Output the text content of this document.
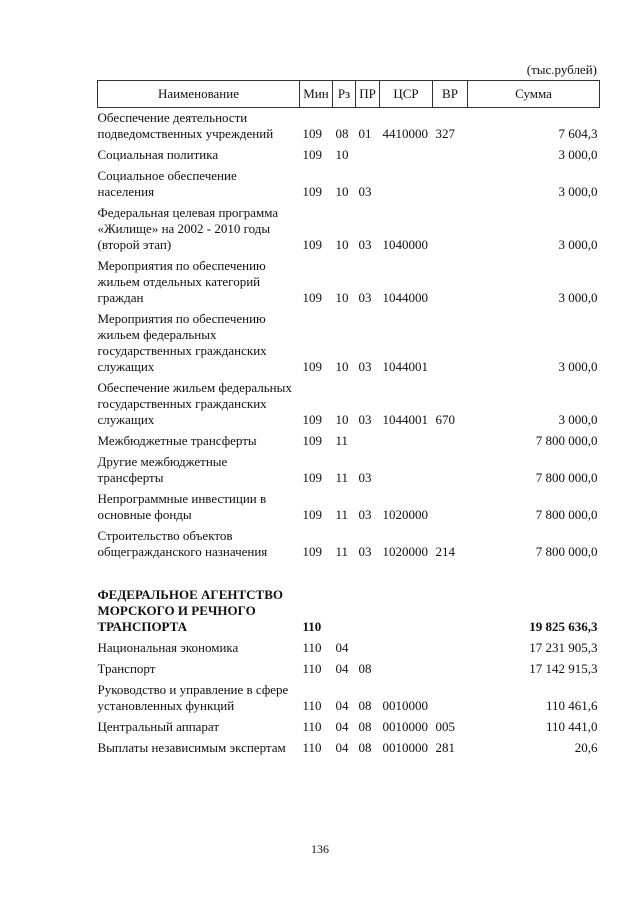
(тыс.рублей)
Наименование	Мин	Рз	ПР	ЦСР	ВР	Сумма
Обеспечение деятельности подведомственных учреждений	109	08	01	4410000	327	7 604,3
Социальная политика	109	10				3 000,0
Социальное обеспечение населения	109	10	03			3 000,0
Федеральная целевая программа «Жилище» на 2002 - 2010 годы (второй этап)	109	10	03	1040000		3 000,0
Мероприятия по обеспечению жильем отдельных категорий граждан	109	10	03	1044000		3 000,0
Мероприятия по обеспечению жильем федеральных государственных гражданских служащих	109	10	03	1044001		3 000,0
Обеспечение жильем федеральных государственных гражданских служащих	109	10	03	1044001	670	3 000,0
Межбюджетные трансферты	109	11				7 800 000,0
Другие межбюджетные трансферты	109	11	03			7 800 000,0
Непрограммные инвестиции в основные фонды	109	11	03	1020000		7 800 000,0
Строительство объектов общегражданского назначения	109	11	03	1020000	214	7 800 000,0

ФЕДЕРАЛЬНОЕ АГЕНТСТВО МОРСКОГО И РЕЧНОГО ТРАНСПОРТА	110					19 825 636,3
Национальная экономика	110	04				17 231 905,3
Транспорт	110	04	08			17 142 915,3
Руководство и управление в сфере установленных функций	110	04	08	0010000		110 461,6
Центральный аппарат	110	04	08	0010000	005	110 441,0
Выплаты независимым экспертам	110	04	08	0010000	281	20,6
136
